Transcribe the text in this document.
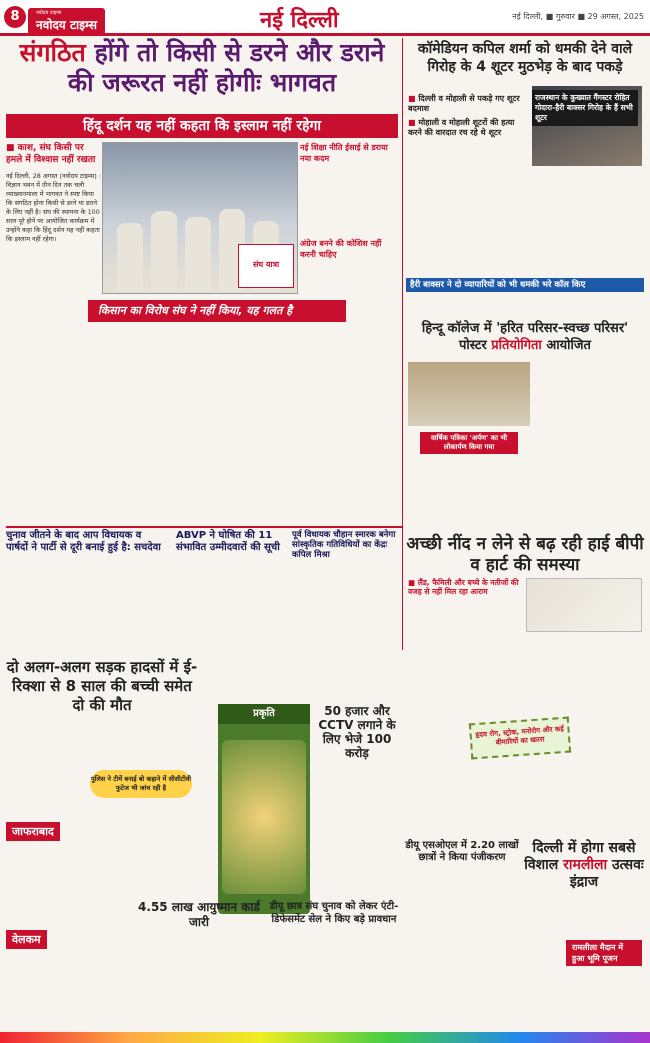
8	नवोदय टाइम्स
नवोदय टाइम्स	नई दिल्ली	नई दिल्ली, ■ गुरुवार ■ 29 अगस्त, 2025
संगठित होंगे तो किसी से डरने और डराने की जरूरत नहीं होगीः भागवत
हिंदू दर्शन यह नहीं कहता कि इस्लाम नहीं रहेगा
■ काश, संघ किसी पर हमले में विश्वास नहीं रखता
नई दिल्ली, 28 अगस्त (नवोदय टाइम्स) : विज्ञान भवन में तीन दिन तक चली व्याख्यानमाला में भागवत ने स्पष्ट किया कि संगठित होना किसी से डरने या डराने के लिए नहीं है। संघ की स्थापना के 100 साल पूरे होने पर आयोजित कार्यक्रम में उन्होंने कहा कि हिंदू दर्शन यह नहीं कहता कि इस्लाम नहीं रहेगा।
संघ यात्रा
नई शिक्षा नीति ईसाई से डराया नया कदम
अंग्रेज बनने की कोशिश नहीं करनी चाहिए
किसान का विरोध संघ ने नहीं किया, यह गलत है
कॉमेडियन कपिल शर्मा को धमकी देने वाले गिरोह के 4 शूटर मुठभेड़ के बाद पकड़े
■ दिल्ली व मोहाली से पकड़े गए शूटर बदमाश
■ मोहाली व मोहाली शूटरों की हत्या करने की वारदात रच रहे थे शूटर
राजस्थान के कुख्यात गैंगस्टर रोहित गोदारा-हैरी बाक्सर गिरोह के हैं सभी शूटर
हैरी बाक्सर ने दो व्यापारियों को भी धमकी भरे कॉल किए
हिन्दू कॉलेज में 'हरित परिसर-स्वच्छ परिसर' पोस्टर प्रतियोगिता आयोजित
वार्षिक पत्रिका 'अर्पण' का भी लोकार्पण किया गया
चुनाव जीतने के बाद आप विधायक व पार्षदों ने पार्टी से दूरी बनाई हुई है: सचदेवा
ABVP ने घोषित की 11 संभावित उम्मीदवारों की सूची
पूर्व विधायक चौहान स्मारक बनेगा सांस्कृतिक गतिविधियों का केंद्रः कपिल मिश्रा
अच्छी नींद न लेने से बढ़ रही हाई बीपी व हार्ट की समस्या
■ लैंड, फैमिली और बच्चे के नतीजों की वजह से नहीं मिल रहा आराम
हृदय रोग, स्ट्रोक, मनोरोग और कई बीमारियों का खतरा
दो अलग-अलग सड़क हादसों में ई-रिक्शा से 8 साल की बच्ची समेत दो की मौत
पुलिस ने टीमें बनाई बो कहाने में सीसीटीवी फुटेज भी जांच रही है
जाफराबाद
वेलकम
प्रकृति	50 हजार और CCTV लगाने के लिए भेजे 100 करोड़
डीयू एसओएल में 2.20 लाखों छात्रों ने किया पंजीकरण
दिल्ली में होगा सबसे विशाल रामलीला उत्सवः इंद्राज
रामलीला मैदान में हुआ भूमि पूजन
4.55 लाख आयुष्मान कार्ड जारी
डीयू छात्र संघ चुनाव को लेकर एंटी-डिफेसमेंट सेल ने किए बड़े प्रावधान
